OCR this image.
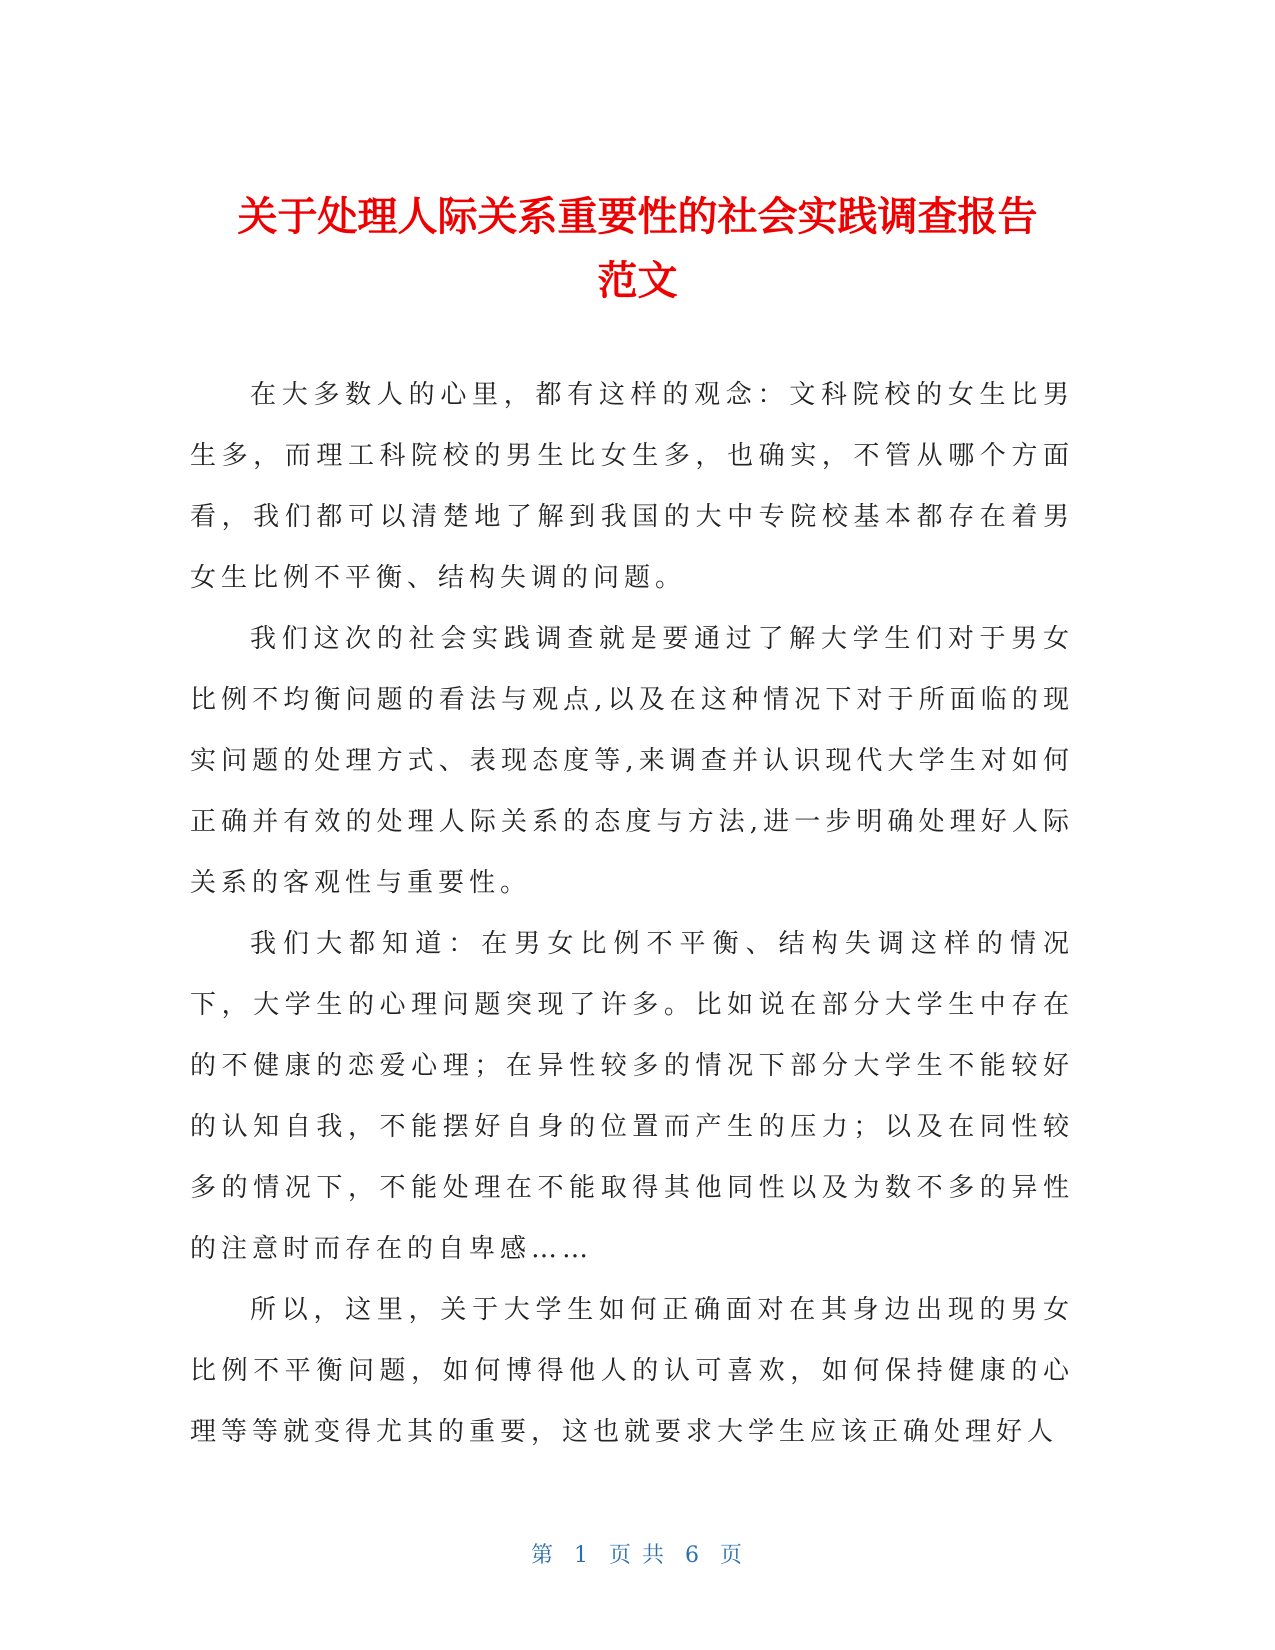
关于处理人际关系重要性的社会实践调查报告
范文

在大多数人的心里，都有这样的观念：文科院校的女生比男生多，而理工科院校的男生比女生多，也确实，不管从哪个方面看，我们都可以清楚地了解到我国的大中专院校基本都存在着男女生比例不平衡、结构失调的问题。

我们这次的社会实践调查就是要通过了解大学生们对于男女比例不均衡问题的看法与观点,以及在这种情况下对于所面临的现实问题的处理方式、表现态度等,来调查并认识现代大学生对如何正确并有效的处理人际关系的态度与方法,进一步明确处理好人际关系的客观性与重要性。

我们大都知道：在男女比例不平衡、结构失调这样的情况下，大学生的心理问题突现了许多。比如说在部分大学生中存在的不健康的恋爱心理；在异性较多的情况下部分大学生不能较好的认知自我，不能摆好自身的位置而产生的压力；以及在同性较多的情况下，不能处理在不能取得其他同性以及为数不多的异性的注意时而存在的自卑感……

所以，这里，关于大学生如何正确面对在其身边出现的男女比例不平衡问题，如何博得他人的认可喜欢，如何保持健康的心理等等就变得尤其的重要，这也就要求大学生应该正确处理好人

第 1 页 共 6 页
